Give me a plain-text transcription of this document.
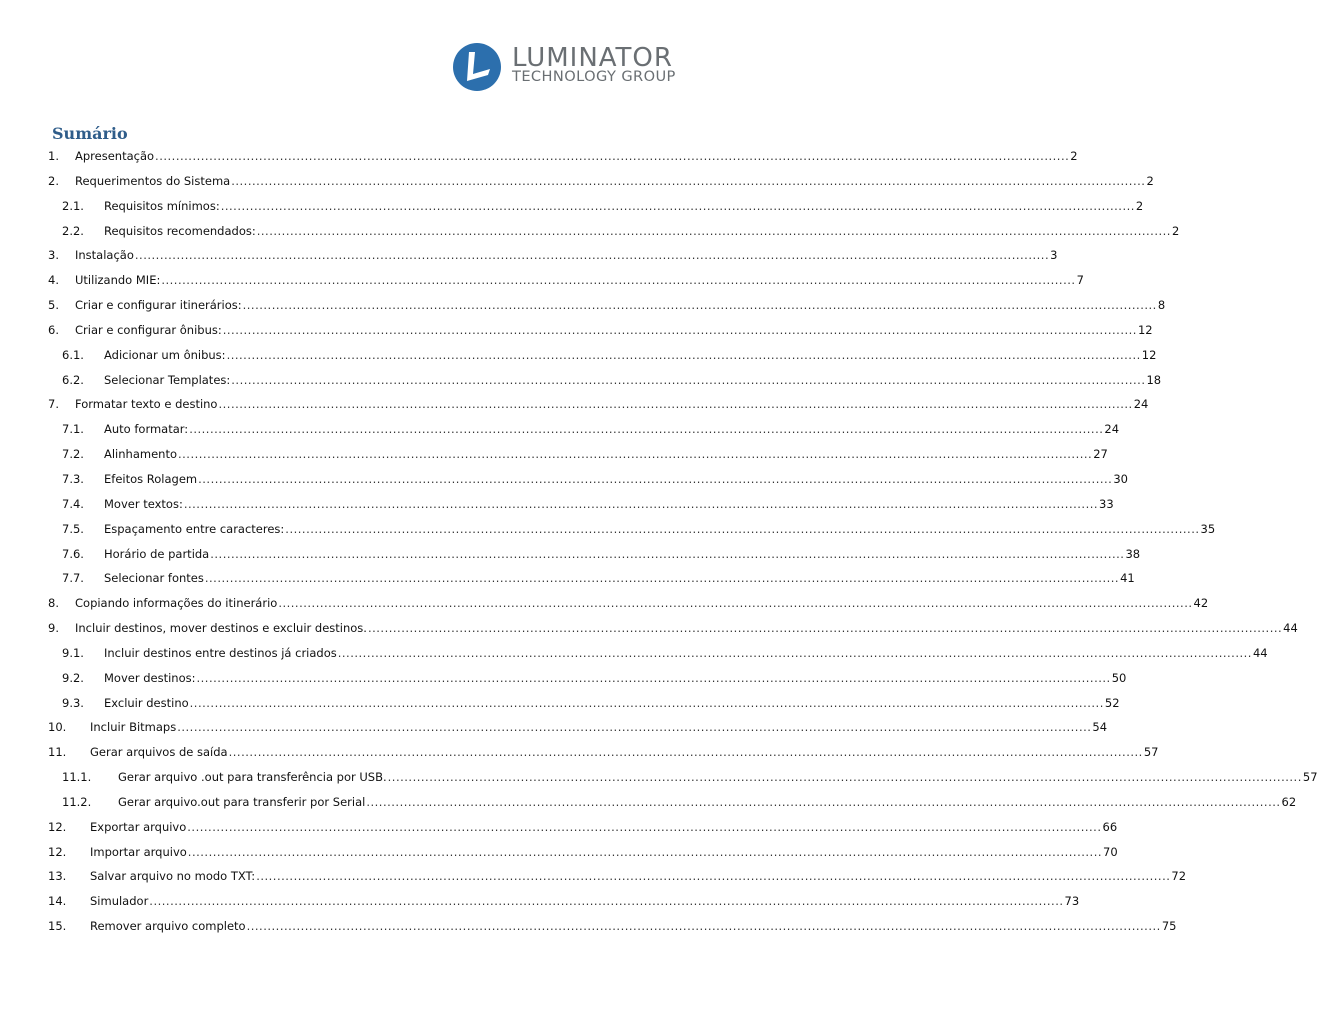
LUMINATOR
TECHNOLOGY GROUP
Sumário
1. Apresentação ............................................................................................................................................................................................................................ 2
2. Requerimentos do Sistema ............................................................................................................................................................................................................................ 2
2.1. Requisitos mínimos: ............................................................................................................................................................................................................................ 2
2.2. Requisitos recomendados: ............................................................................................................................................................................................................................ 2
3. Instalação ............................................................................................................................................................................................................................ 3
4. Utilizando MIE: ............................................................................................................................................................................................................................ 7
5. Criar e configurar itinerários: ............................................................................................................................................................................................................................ 8
6. Criar e configurar ônibus: ............................................................................................................................................................................................................................ 12
6.1. Adicionar um ônibus: ............................................................................................................................................................................................................................ 12
6.2. Selecionar Templates: ............................................................................................................................................................................................................................ 18
7. Formatar texto e destino ............................................................................................................................................................................................................................ 24
7.1. Auto formatar: ............................................................................................................................................................................................................................ 24
7.2. Alinhamento ............................................................................................................................................................................................................................ 27
7.3. Efeitos Rolagem ............................................................................................................................................................................................................................ 30
7.4. Mover textos: ............................................................................................................................................................................................................................ 33
7.5. Espaçamento entre caracteres: ............................................................................................................................................................................................................................ 35
7.6. Horário de partida ............................................................................................................................................................................................................................ 38
7.7. Selecionar fontes ............................................................................................................................................................................................................................ 41
8. Copiando informações do itinerário ............................................................................................................................................................................................................................ 42
9. Incluir destinos, mover destinos e excluir destinos. ............................................................................................................................................................................................................................ 44
9.1. Incluir destinos entre destinos já criados ............................................................................................................................................................................................................................ 44
9.2. Mover destinos: ............................................................................................................................................................................................................................ 50
9.3. Excluir destino ............................................................................................................................................................................................................................ 52
10. Incluir Bitmaps ............................................................................................................................................................................................................................ 54
11. Gerar arquivos de saída ............................................................................................................................................................................................................................ 57
11.1. Gerar arquivo .out para transferência por USB. ............................................................................................................................................................................................................................ 57
11.2. Gerar arquivo.out para transferir por Serial ............................................................................................................................................................................................................................ 62
12. Exportar arquivo ............................................................................................................................................................................................................................ 66
12. Importar arquivo ............................................................................................................................................................................................................................ 70
13. Salvar arquivo no modo TXT: ............................................................................................................................................................................................................................ 72
14. Simulador ............................................................................................................................................................................................................................ 73
15. Remover arquivo completo ............................................................................................................................................................................................................................ 75
